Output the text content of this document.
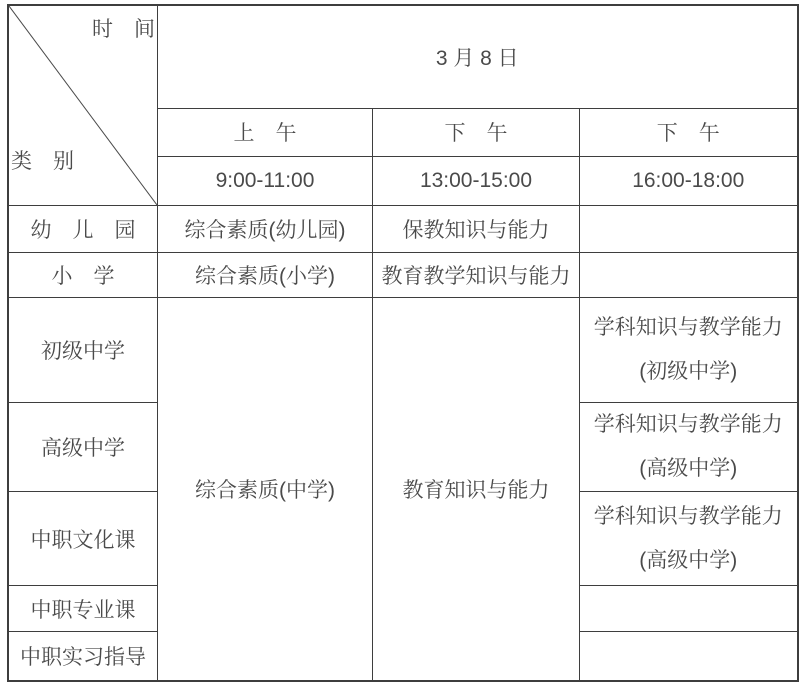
时　间
类　别	3 月 8 日		
	上　午	下　午	下　午
	9:00-11:00	13:00-15:00	16:00-18:00
幼　儿　园	综合素质(幼儿园)	保教知识与能力	
小　学	综合素质(小学)	教育教学知识与能力	
初级中学	综合素质(中学)	教育知识与能力	学科知识与教学能力
(初级中学)

高级中学			学科知识与教学能力
(高级中学)

中职文化课			学科知识与教学能力
(高级中学)

中职专业课			
中职实习指导			
